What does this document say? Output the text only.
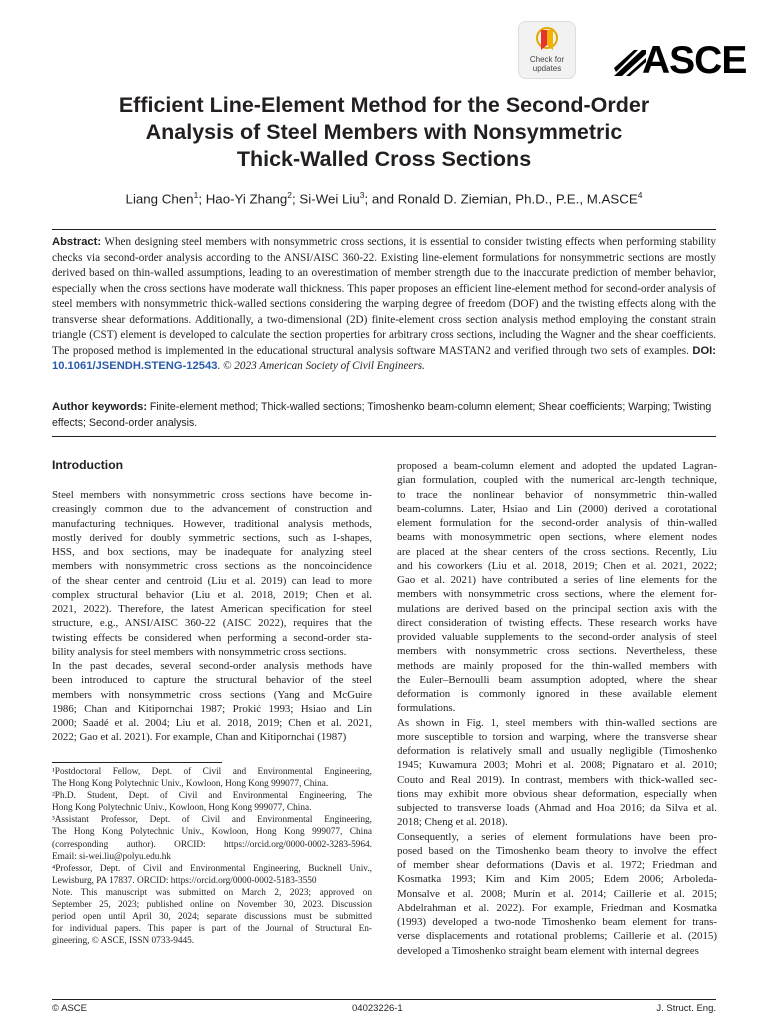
Check for
updates	ASCE
Efficient Line-Element Method for the Second-Order
Analysis of Steel Members with Nonsymmetric
Thick-Walled Cross Sections
Liang Chen$^1$; Hao-Yi Zhang$^2$; Si-Wei Liu$^3$; and Ronald D. Ziemian, Ph.D., P.E., M.ASCE$^4$
Abstract: When designing steel members with nonsymmetric cross sections, it is essential to consider twisting effects when performing stability checks via second-order analysis according to the ANSI/AISC 360-22. Existing line-element formulations for nonsymmetric sections are mostly derived based on thin-walled assumptions, leading to an overestimation of member strength due to the inaccurate prediction of member behavior, especially when the cross sections have moderate wall thickness. This paper proposes an efficient line-element method for second-order analysis of steel members with nonsymmetric thick-walled sections considering the warping degree of freedom (DOF) and the twisting effects along with the transverse shear deformations. Additionally, a two-dimensional (2D) finite-element cross section analysis method employing the constant strain triangle (CST) element is developed to calculate the section properties for arbitrary cross sections, including the Wagner and the shear coefficients. The proposed method is implemented in the educational structural analysis software MASTAN2 and verified through two sets of examples. DOI: 10.1061/JSENDH.STENG-12543. © 2023 American Society of Civil Engineers.
Author keywords: Finite-element method; Thick-walled sections; Timoshenko beam-column element; Shear coefficients; Warping; Twisting effects; Second-order analysis.
Introduction
Steel members with nonsymmetric cross sections have become in-
creasingly common due to the advancement of construction and
manufacturing techniques. However, traditional analysis methods,
mostly derived for doubly symmetric sections, such as I-shapes,
HSS, and box sections, may be inadequate for analyzing steel
members with nonsymmetric cross sections as the noncoincidence
of the shear center and centroid (Liu et al. 2019) can lead to more
complex structural behavior (Liu et al. 2018, 2019; Chen et al.
2021, 2022). Therefore, the latest American specification for steel
structure, e.g., ANSI/AISC 360-22 (AISC 2022), requires that the
twisting effects be considered when performing a second-order sta-
bility analysis for steel members with nonsymmetric cross sections.
In the past decades, several second-order analysis methods have
been introduced to capture the structural behavior of the steel
members with nonsymmetric cross sections (Yang and McGuire
1986; Chan and Kitipornchai 1987; Prokić 1993; Hsiao and Lin
2000; Saadé et al. 2004; Liu et al. 2018, 2019; Chen et al. 2021,
2022; Gao et al. 2021). For example, Chan and Kitipornchai (1987)
proposed a beam-column element and adopted the updated Lagran-
gian formulation, coupled with the numerical arc-length technique,
to trace the nonlinear behavior of nonsymmetric thin-walled
beam-columns. Later, Hsiao and Lin (2000) derived a corotational
element formulation for the second-order analysis of thin-walled
beams with monosymmetric open sections, where element nodes
are placed at the shear centers of the cross sections. Recently, Liu
and his coworkers (Liu et al. 2018, 2019; Chen et al. 2021, 2022;
Gao et al. 2021) have contributed a series of line elements for the
members with nonsymmetric cross sections, where the element for-
mulations are derived based on the principal section axis with the
direct consideration of twisting effects. These research works have
provided valuable supplements to the second-order analysis of steel
members with nonsymmetric cross sections. Nevertheless, these
methods are mainly proposed for the thin-walled members with
the Euler–Bernoulli beam assumption adopted, where the shear
deformation is commonly ignored in these available element
formulations.
As shown in Fig. 1, steel members with thin-walled sections are
more susceptible to torsion and warping, where the transverse shear
deformation is relatively small and usually negligible (Timoshenko
1945; Kuwamura 2003; Mohri et al. 2008; Pignataro et al. 2010;
Couto and Real 2019). In contrast, members with thick-walled sec-
tions may exhibit more obvious shear deformation, especially when
subjected to transverse loads (Ahmad and Hoa 2016; da Silva et al.
2018; Cheng et al. 2018).
Consequently, a series of element formulations have been pro-
posed based on the Timoshenko beam theory to involve the effect
of member shear deformations (Davis et al. 1972; Friedman and
Kosmatka 1993; Kim and Kim 2005; Edem 2006; Arboleda-
Monsalve et al. 2008; Murín et al. 2014; Caillerie et al. 2015;
Abdelrahman et al. 2022). For example, Friedman and Kosmatka
(1993) developed a two-node Timoshenko beam element for trans-
verse displacements and rotational problems; Caillerie et al. (2015)
developed a Timoshenko straight beam element with internal degrees
¹Postdoctoral Fellow, Dept. of Civil and Environmental Engineering,
The Hong Kong Polytechnic Univ., Kowloon, Hong Kong 999077, China.
²Ph.D. Student, Dept. of Civil and Environmental Engineering, The
Hong Kong Polytechnic Univ., Kowloon, Hong Kong 999077, China.
³Assistant Professor, Dept. of Civil and Environmental Engineering,
The Hong Kong Polytechnic Univ., Kowloon, Hong Kong 999077, China
(corresponding author). ORCID: https://orcid.org/0000-0002-3283-5964.
Email: si-wei.liu@polyu.edu.hk
⁴Professor, Dept. of Civil and Environmental Engineering, Bucknell Univ.,
Lewisburg, PA 17837. ORCID: https://orcid.org/0000-0002-5183-3550
Note. This manuscript was submitted on March 2, 2023; approved on
September 25, 2023; published online on November 30, 2023. Discussion
period open until April 30, 2024; separate discussions must be submitted
for individual papers. This paper is part of the Journal of Structural En-
gineering, © ASCE, ISSN 0733-9445.
© ASCE	04023226-1	J. Struct. Eng.
